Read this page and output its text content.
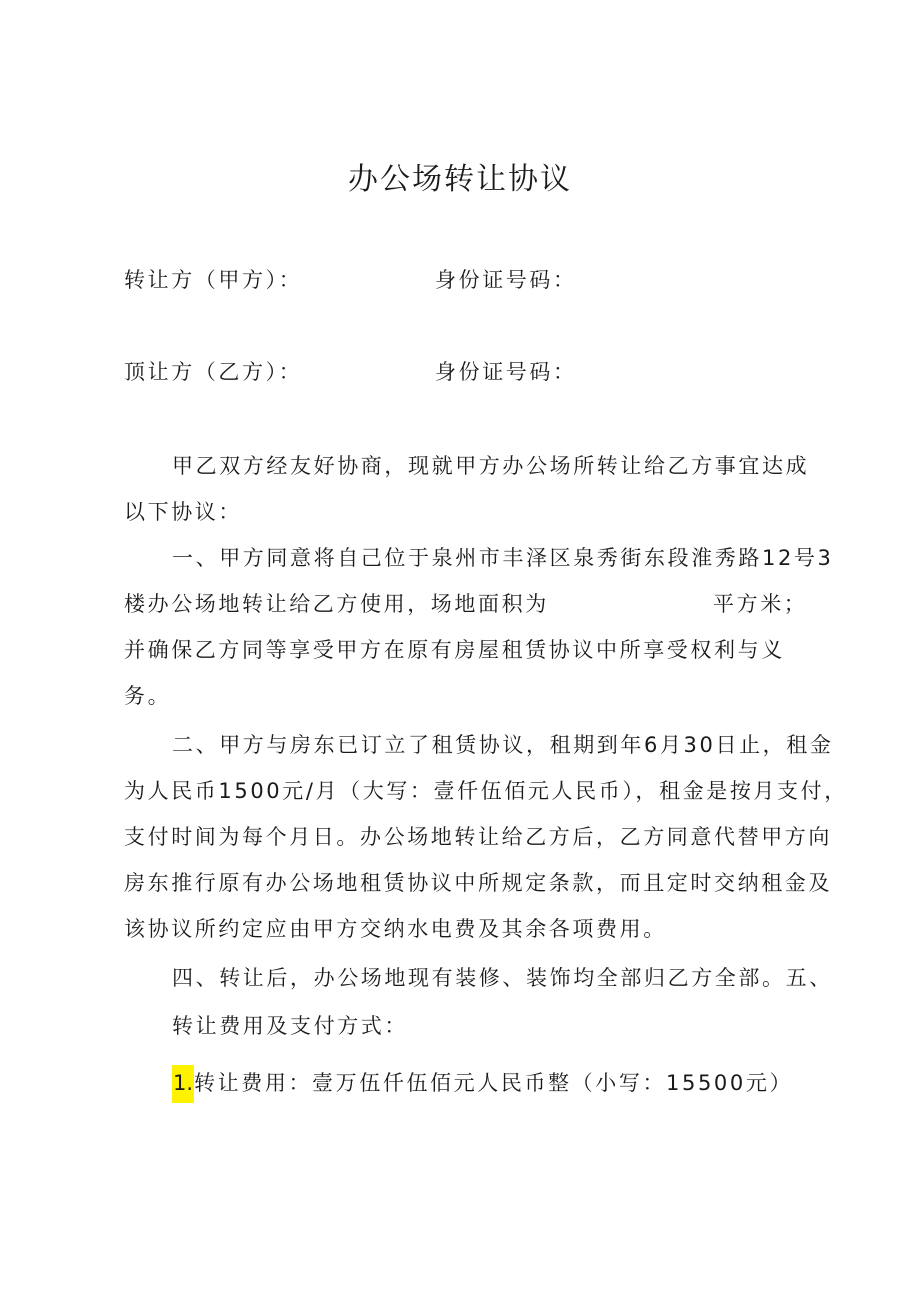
办公场转让协议
转让方（甲方）：	身份证号码：
顶让方（乙方）：	身份证号码：
甲乙双方经友好协商，现就甲方办公场所转让给乙方事宜达成
以下协议：
一、甲方同意将自己位于泉州市丰泽区泉秀街东段淮秀路12号3
楼办公场地转让给乙方使用，场地面积为	平方米；
并确保乙方同等享受甲方在原有房屋租赁协议中所享受权利与义
务。
二、甲方与房东已订立了租赁协议，租期到年6月30日止，租金
为人民币1500元/月（大写：壹仟伍佰元人民币），租金是按月支付，
支付时间为每个月日。办公场地转让给乙方后，乙方同意代替甲方向
房东推行原有办公场地租赁协议中所规定条款，而且定时交纳租金及
该协议所约定应由甲方交纳水电费及其余各项费用。
四、转让后，办公场地现有装修、装饰均全部归乙方全部。五、
转让费用及支付方式：
1.转让费用：壹万伍仟伍佰元人民币整（小写：15500元）
